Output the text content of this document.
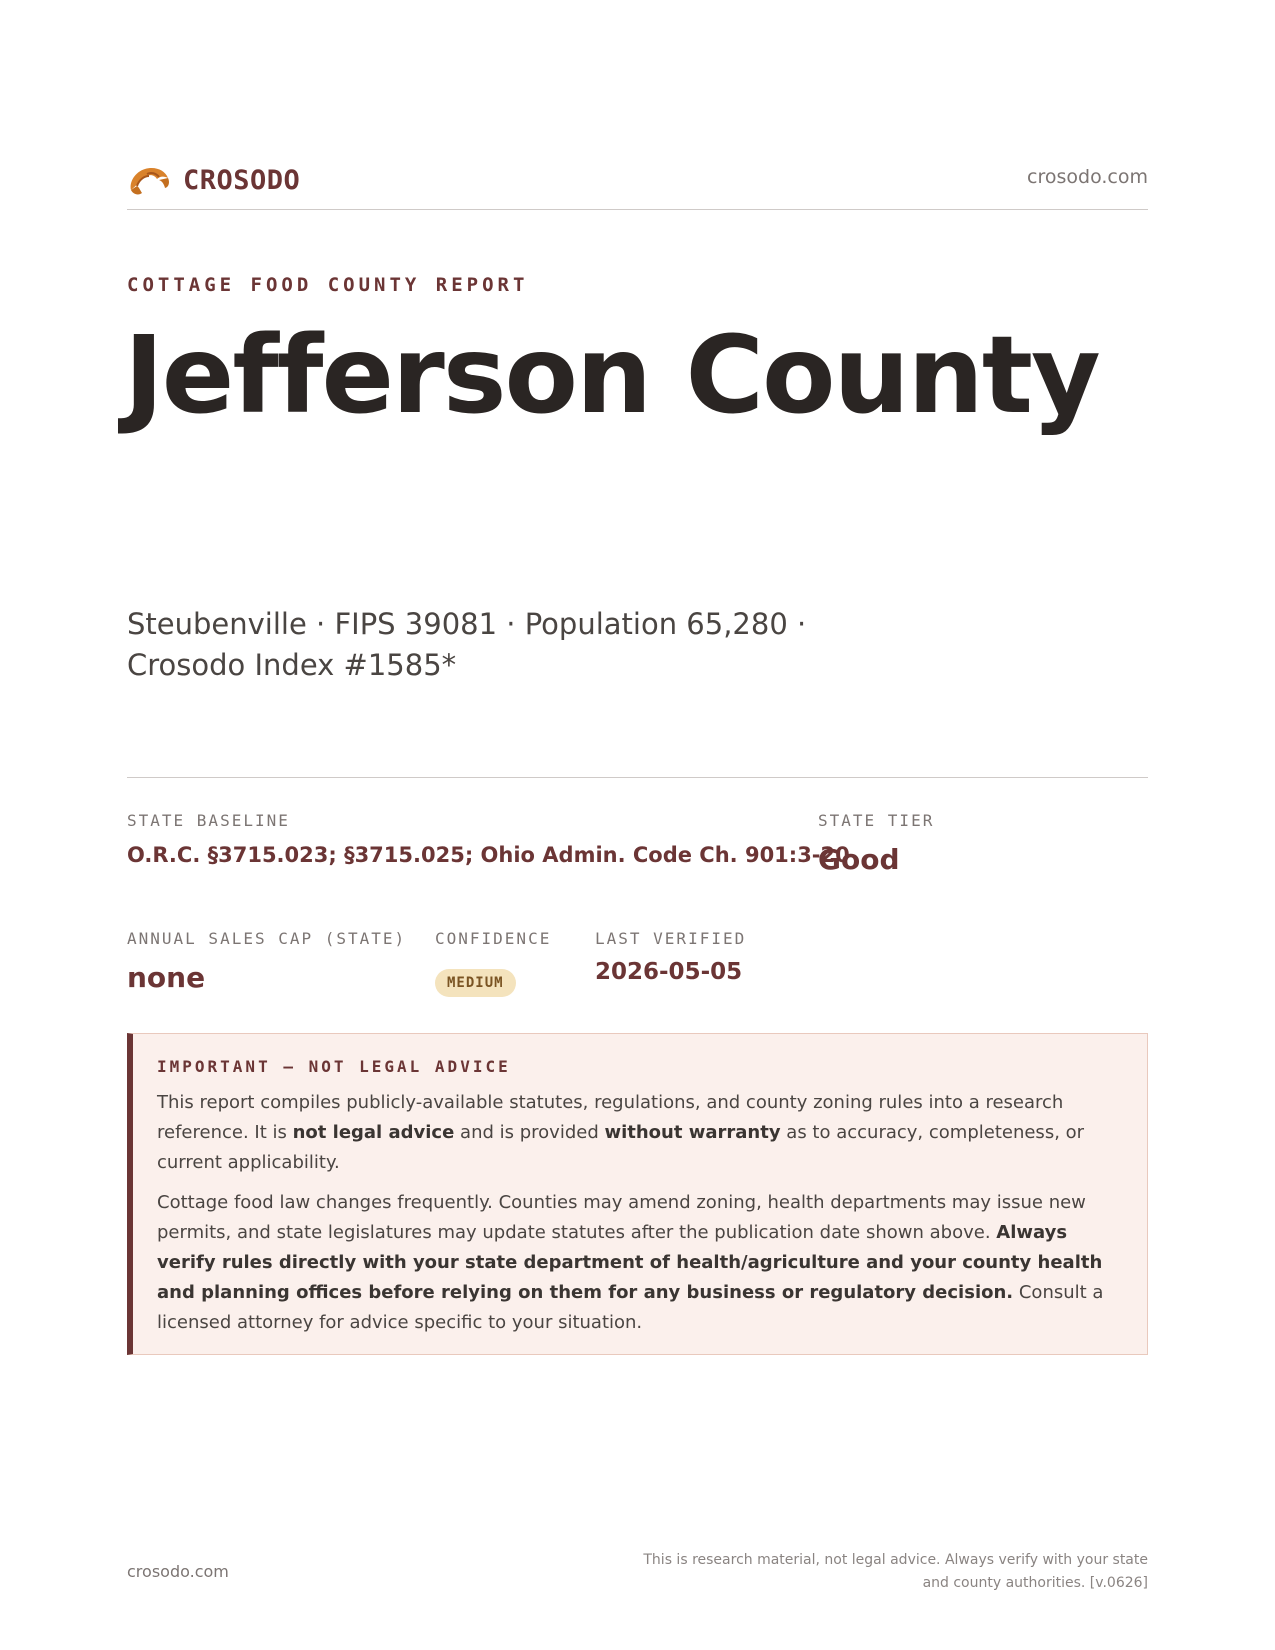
CROSODO	crosodo.com
COTTAGE FOOD COUNTY REPORT
Jefferson County
Steubenville · FIPS 39081 · Population 65,280 · Crosodo Index #1585*
STATE BASELINE
O.R.C. §3715.023; §3715.025; Ohio Admin. Code Ch. 901:3-20
STATE TIER
Good
ANNUAL SALES CAP (STATE)
none
CONFIDENCE
MEDIUM
LAST VERIFIED
2026-05-05
IMPORTANT — NOT LEGAL ADVICE

This report compiles publicly-available statutes, regulations, and county zoning rules into a research reference. It is not legal advice and is provided without warranty as to accuracy, completeness, or current applicability.

Cottage food law changes frequently. Counties may amend zoning, health departments may issue new permits, and state legislatures may update statutes after the publication date shown above. Always verify rules directly with your state department of health/agriculture and your county health and planning offices before relying on them for any business or regulatory decision. Consult a licensed attorney for advice specific to your situation.

crosodo.com
This is research material, not legal advice. Always verify with your state
and county authorities. [v.0626]
